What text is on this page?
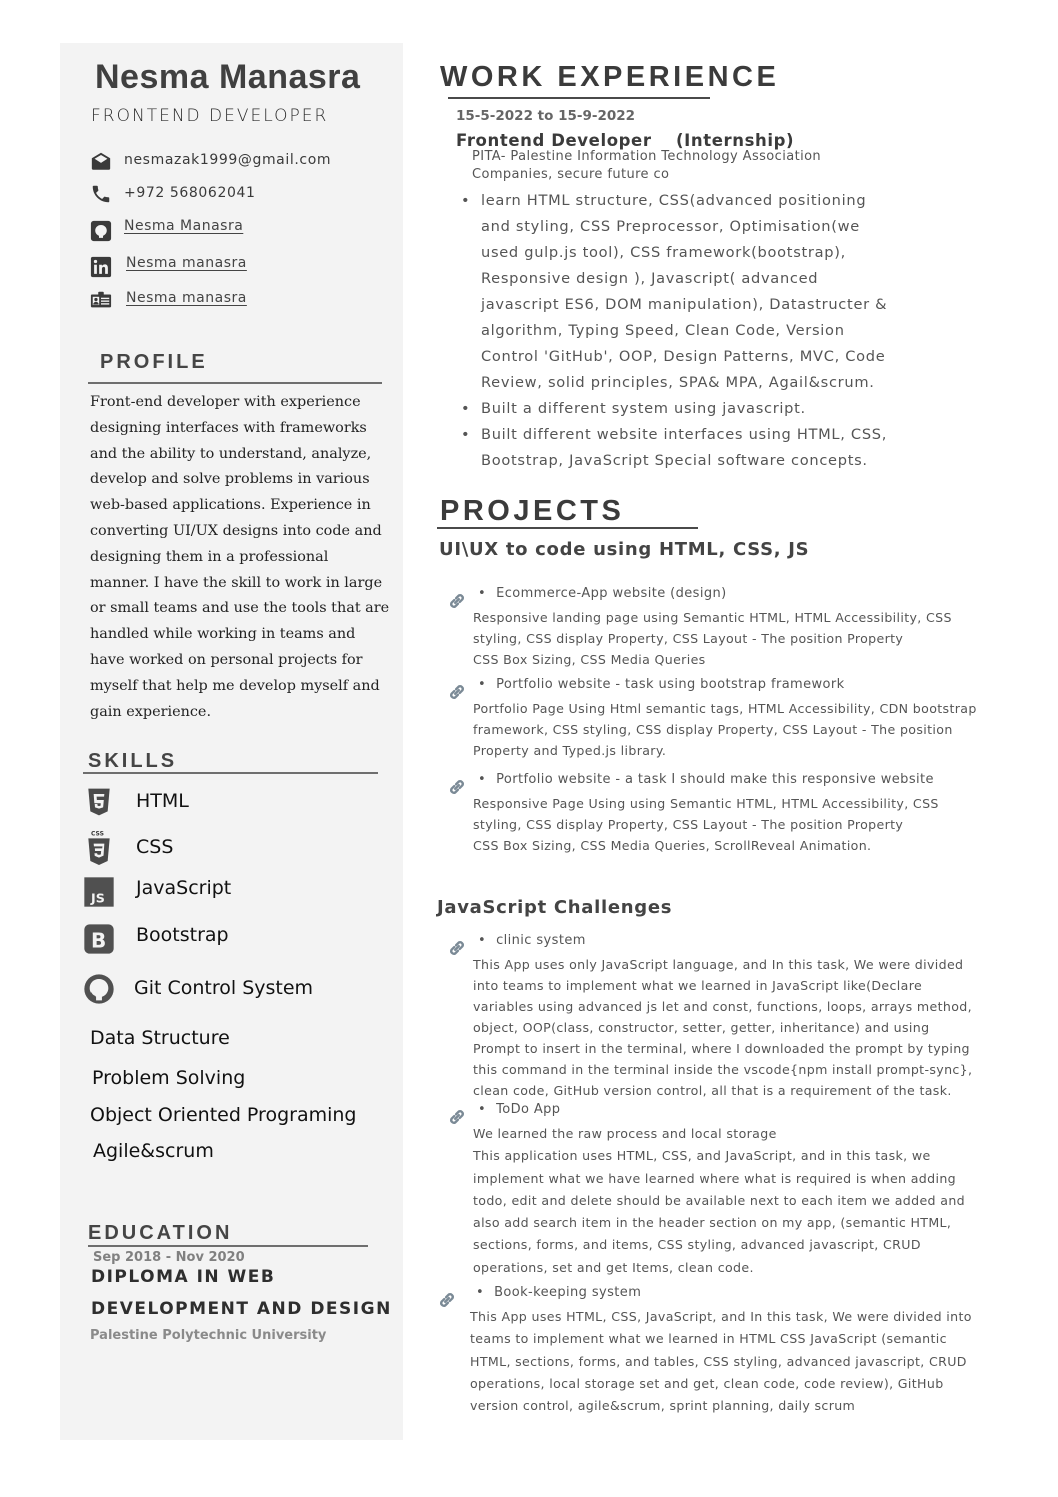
Nesma Manasra
FRONTEND DEVELOPER
nesmazak1999@gmail.com
+972 568062041
Nesma Manasra
Nesma manasra
Nesma manasra
PROFILE
Front-end developer with experience designing interfaces with frameworks and the ability to understand, analyze, develop and solve problems in various web-based applications. Experience in converting UI/UX designs into code and designing them in a professional manner. I have the skill to work in large or small teams and use the tools that are handled while working in teams and have worked on personal projects for myself that help me develop myself and gain experience.
SKILLS
HTML
CSS
CSS
JS JavaScript
B Bootstrap
Git Control System
Data Structure
Problem Solving
Object Oriented Programing
Agile&scrum
EDUCATION
Sep 2018 - Nov 2020
DIPLOMA IN WEB
DEVELOPMENT AND DESIGN
Palestine Polytechnic University
WORK EXPERIENCE
15-5-2022 to 15-9-2022
Frontend Developer (Internship)
PITA- Palestine Information Technology Association Companies, secure future co
• learn HTML structure, CSS(advanced positioning and styling, CSS Preprocessor, Optimisation(we used gulp.js tool), CSS framework(bootstrap), Responsive design ), Javascript( advanced javascript ES6, DOM manipulation), Datastructer & algorithm, Typing Speed, Clean Code, Version Control 'GitHub', OOP, Design Patterns, MVC, Code Review, solid principles, SPA& MPA, Agail&scrum.
• Built a different system using javascript.
• Built different website interfaces using HTML, CSS, Bootstrap, JavaScript Special software concepts.
PROJECTS
UI\UX to code using HTML, CSS, JS
• Ecommerce-App website (design)
Responsive landing page using Semantic HTML, HTML Accessibility, CSS styling, CSS display Property, CSS Layout - The position Property
CSS Box Sizing, CSS Media Queries
• Portfolio website - task using bootstrap framework
Portfolio Page Using Html semantic tags, HTML Accessibility, CDN bootstrap framework, CSS styling, CSS display Property, CSS Layout - The position Property and Typed.js library.
• Portfolio website - a task I should make this responsive website
Responsive Page Using using Semantic HTML, HTML Accessibility, CSS
styling, CSS display Property, CSS Layout - The position Property
CSS Box Sizing, CSS Media Queries, ScrollReveal Animation.
JavaScript Challenges
• clinic system
This App uses only JavaScript language, and In this task, We were divided into teams to implement what we learned in JavaScript like(Declare variables using advanced js let and const, functions, loops, arrays method, object, OOP(class, constructor, setter, getter, inheritance) and using Prompt to insert in the terminal, where I downloaded the prompt by typing this command in the terminal inside the vscode{npm install prompt-sync}, clean code, GitHub version control, all that is a requirement of the task.
• ToDo App
We learned the raw process and local storage
This application uses HTML, CSS, and JavaScript, and in this task, we implement what we have learned where what is required is when adding todo, edit and delete should be available next to each item we added and also add search item in the header section on my app, (semantic HTML, sections, forms, and items, CSS styling, advanced javascript, CRUD operations, set and get Items, clean code.
• Book-keeping system
This App uses HTML, CSS, JavaScript, and In this task, We were divided into teams to implement what we learned in HTML CSS JavaScript (semantic HTML, sections, forms, and tables, CSS styling, advanced javascript, CRUD operations, local storage set and get, clean code, code review), GitHub version control, agile&scrum, sprint planning, daily scrum
